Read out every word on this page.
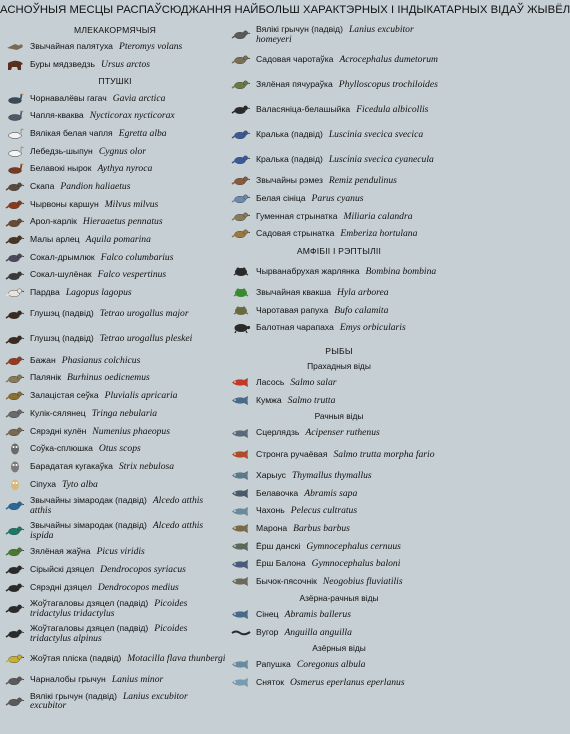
АСНОЎНЫЯ МЕСЦЫ РАСПАЎСЮДЖАННЯ НАЙБОЛЬШ ХАРАКТЭРНЫХ І ІНДЫКАТАРНЫХ ВІДАЎ ЖЫВЁЛ
МЛЕКАКОРМЯЧЫЯ
Звычайная палятуха Pteromys volans
Буры мядзведзь Ursus arctos
ПТУШКІ
Чорнавалёвы гагач Gavia arctica
Чапля-кваква Nycticorax nycticorax
Вялікая белая чапля Egretta alba
Лебедзь-шыпун Cygnus olor
Белавокі нырок Aythya nyroca
Скапа Pandion haliaetus
Чырвоны каршун Milvus milvus
Арол-карлік Hieraaetus pennatus
Малы арлец Aquila pomarina
Сокал-дрымлюк Falco columbarius
Сокал-шулёнак Falco vespertinus
Пардва Lagopus lagopus
Глушэц (падвід) Tetrao urogallus major
Глушэц (падвід) Tetrao urogallus pleskei
Бажан Phasianus colchicus
Палянік Burhinus oedicnemus
Залацістая сеўка Pluvialis apricaria
Кулік-сялянец Tringa nebularia
Сярэдні кулён Numenius phaeopus
Соўка-сплюшка Otus scops
Барадатая кугакаўка Strix nebulosa
Сіпуха Tyto alba
Звычайны зімародак (падвід) Alcedo atthis atthis
Звычайны зімародак (падвід) Alcedo atthis ispida
Зялёная жаўна Picus viridis
Сірыйскі дзяцел Dendrocopos syriacus
Сярэдні дзяцел Dendrocopos medius
Жоўтагаловы дзяцел (падвід) Picoides tridactylus tridactylus
Жоўтагаловы дзяцел (падвід) Picoides tridactylus alpinus
Жоўтая пліска (падвід) Motacilla flava thunbergi
Чарналобы грычун Lanius minor
Вялікі грычун (падвід) Lanius excubitor excubitor
Вялікі грычун (падвід) Lanius excubitor homeyeri
Садовая чаротаўка Acrocephalus dumetorum
Зялёная пячураўка Phylloscopus trochiloides
Валасяніца-белашыйка Ficedula albicollis
Кралька (падвід) Luscinia svecica svecica
Кралька (падвід) Luscinia svecica cyanecula
Звычайны рэмез Remiz pendulinus
Белая сініца Parus cyanus
Гуменная стрынатка Miliaria calandra
Садовая стрынатка Emberiza hortulana
АМФІБІІ І РЭПТЫЛІІ
Чырванабрухая жарлянка Bombina bombina
Звычайная квакша Hyla arborea
Чаротавая рапуха Bufo calamita
Балотная чарапаха Emys orbicularis
РЫБЫ
Прахадныя віды
Ласось Salmo salar
Кумжа Salmo trutta
Рачныя віды
Сцерлядзь Acipenser ruthenus
Стронга ручаёвая Salmo trutta morpha fario
Харыус Thymallus thymallus
Белавочка Abramis sapa
Чахонь Pelecus cultratus
Марона Barbus barbus
Ёрш данскі Gymnocephalus cernuus
Ёрш Балона Gymnocephalus baloni
Бычок-пясочнік Neogobius fluviatilis
Азёрна-рачныя віды
Сінец Abramis ballerus
Вугор Anguilla anguilla
Азёрныя віды
Рапушка Coregonus albula
Сняток Osmerus eperlanus eperlanus
